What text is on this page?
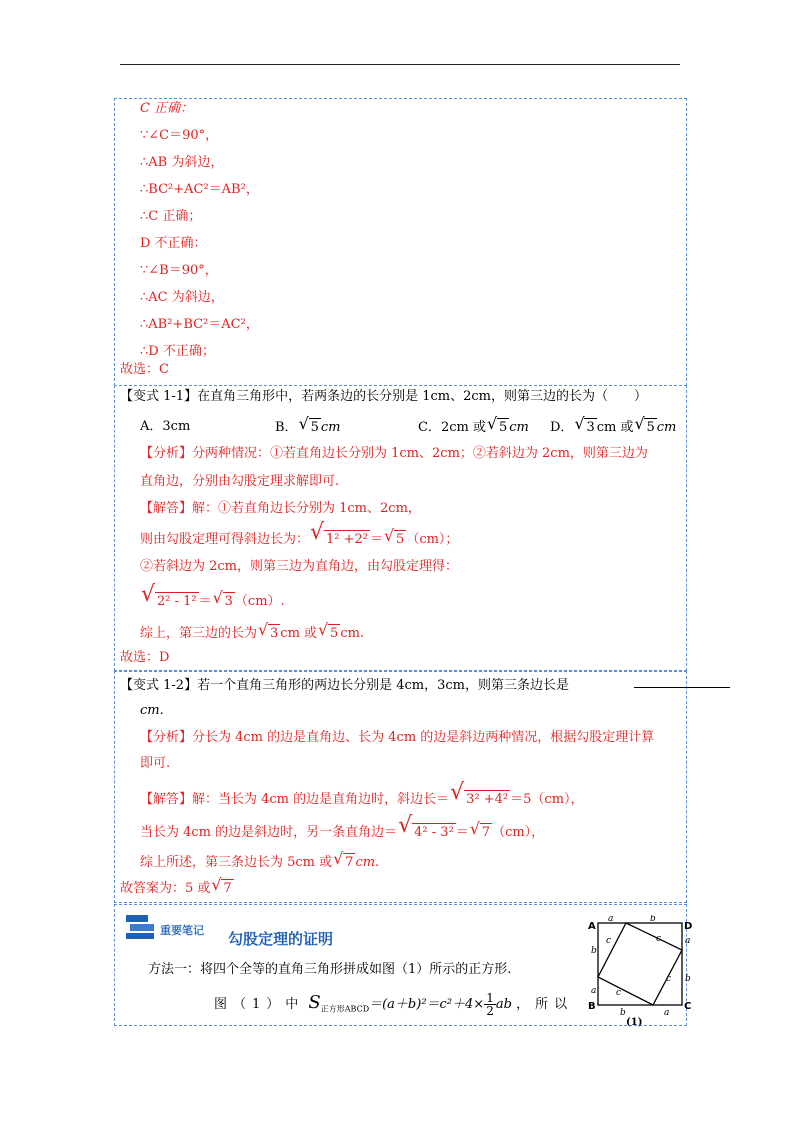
C 正确：
∵∠C＝90°，
∴AB 为斜边，
∴BC²+AC²＝AB²，
∴C 正确；
D 不正确：
∵∠B＝90°，
∴AC 为斜边，
∴AB²+BC²＝AC²，
∴D 不正确；
故选：C
【变式 1-1】在直角三角形中，若两条边的长分别是 1cm、2cm，则第三边的长为（　　）
A．3cm	B． √ 5 cm	C．2cm 或 √ 5 cm D． √ 3 cm 或 √ 5 cm
【分析】分两种情况：①若直角边长分别为 1cm、2cm；②若斜边为 2cm，则第三边为
直角边，分别由勾股定理求解即可.
【解答】解：①若直角边长分别为 1cm、2cm，
则由勾股定理可得斜边长为： √ 1² +2² ＝ √ 5 （cm）；
②若斜边为 2cm，则第三边为直角边，由勾股定理得：
√ 2² - 1² ＝ √ 3 （cm）.
综上，第三边的长为 √ 3 cm 或 √ 5 cm.
故选：D
【变式 1-2】若一个直角三角形的两边长分别是 4cm，3cm，则第三条边长是
cm.
【分析】分长为 4cm 的边是直角边、长为 4cm 的边是斜边两种情况，根据勾股定理计算
即可.
【解答】解：当长为 4cm 的边是直角边时，斜边长＝ √ 3² +4² ＝5（cm），
当长为 4cm 的边是斜边时，另一条直角边＝ √ 4² - 3² ＝ √ 7 （cm），
综上所述，第三条边长为 5cm 或 √ 7 cm.
故答案为：5 或 √ 7
重要笔记 勾股定理的证明
方法一：将四个全等的直角三角形拼成如图（1）所示的正方形.
图（1）中 $S_{正方形ABCD}=(a+b)^2=c^2+4\times \frac{1}{2}$ ab ，所以
A	D
B	C
a	b
b
a
a
b
b	a
c	c
c
c
(1)
